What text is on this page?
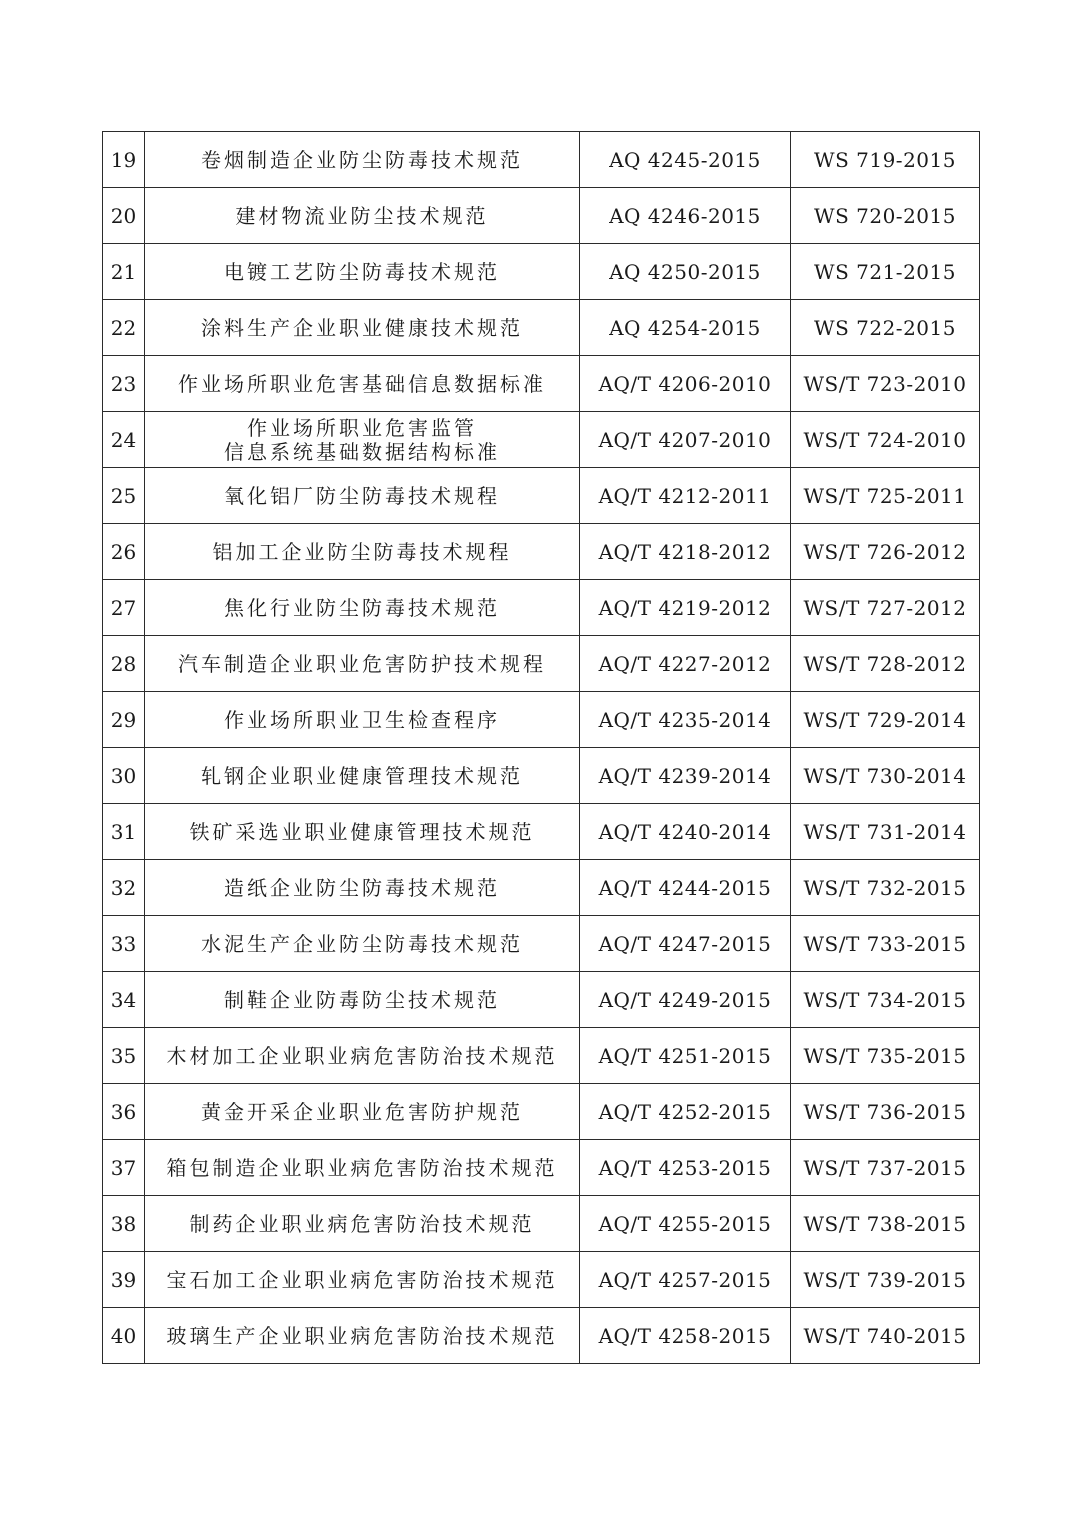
19	卷烟制造企业防尘防毒技术规范	AQ 4245-2015	WS 719-2015
20	建材物流业防尘技术规范	AQ 4246-2015	WS 720-2015
21	电镀工艺防尘防毒技术规范	AQ 4250-2015	WS 721-2015
22	涂料生产企业职业健康技术规范	AQ 4254-2015	WS 722-2015
23	作业场所职业危害基础信息数据标准	AQ/T 4206-2010	WS/T 723-2010
24	作业场所职业危害监管
信息系统基础数据结构标准	AQ/T 4207-2010	WS/T 724-2010
25	氧化铝厂防尘防毒技术规程	AQ/T 4212-2011	WS/T 725-2011
26	铝加工企业防尘防毒技术规程	AQ/T 4218-2012	WS/T 726-2012
27	焦化行业防尘防毒技术规范	AQ/T 4219-2012	WS/T 727-2012
28	汽车制造企业职业危害防护技术规程	AQ/T 4227-2012	WS/T 728-2012
29	作业场所职业卫生检查程序	AQ/T 4235-2014	WS/T 729-2014
30	轧钢企业职业健康管理技术规范	AQ/T 4239-2014	WS/T 730-2014
31	铁矿采选业职业健康管理技术规范	AQ/T 4240-2014	WS/T 731-2014
32	造纸企业防尘防毒技术规范	AQ/T 4244-2015	WS/T 732-2015
33	水泥生产企业防尘防毒技术规范	AQ/T 4247-2015	WS/T 733-2015
34	制鞋企业防毒防尘技术规范	AQ/T 4249-2015	WS/T 734-2015
35	木材加工企业职业病危害防治技术规范	AQ/T 4251-2015	WS/T 735-2015
36	黄金开采企业职业危害防护规范	AQ/T 4252-2015	WS/T 736-2015
37	箱包制造企业职业病危害防治技术规范	AQ/T 4253-2015	WS/T 737-2015
38	制药企业职业病危害防治技术规范	AQ/T 4255-2015	WS/T 738-2015
39	宝石加工企业职业病危害防治技术规范	AQ/T 4257-2015	WS/T 739-2015
40	玻璃生产企业职业病危害防治技术规范	AQ/T 4258-2015	WS/T 740-2015
